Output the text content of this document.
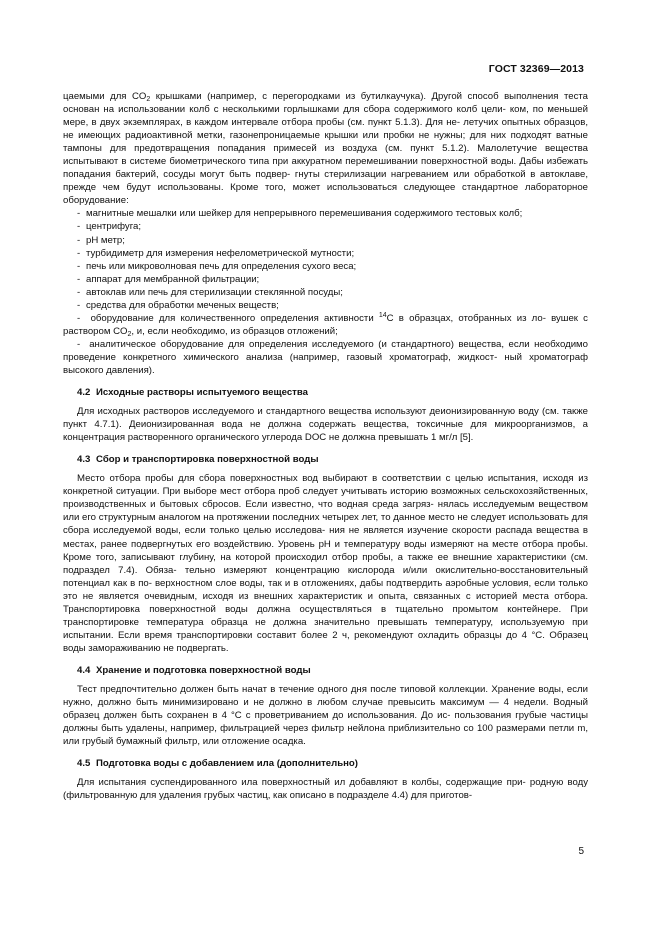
ГОСТ 32369—2013

цаемыми для $CO_2$ крышками (например, с перегородками из бутилкаучука). Другой способ выполнения теста основан на использовании колб с несколькими горлышками для сбора содержимого колб цели- ком, по меньшей мере, в двух экземплярах, в каждом интервале отбора пробы (см. пункт 5.1.3). Для не- летучих опытных образцов, не имеющих радиоактивной метки, газонепроницаемые крышки или пробки не нужны; для них подходят ватные тампоны для предотвращения попадания примесей из воздуха (см. пункт 5.1.2). Малолетучие вещества испытывают в системе биометрического типа при аккуратном перемешивании поверхностной воды. Дабы избежать попадания бактерий, сосуды могут быть подвер- гнуты стерилизации нагреванием или обработкой в автоклаве, прежде чем будут использованы. Кроме того, может использоваться следующее стандартное лабораторное оборудование:

- магнитные мешалки или шейкер для непрерывного перемешивания содержимого тестовых колб;
- центрифуга;
- pH метр;
- турбидиметр для измерения нефелометрической мутности;
- печь или микроволновая печь для определения сухого веса;
- аппарат для мембранной фильтрации;
- автоклав или печь для стерилизации стеклянной посуды;
- средства для обработки меченых веществ;

- оборудование для количественного определения активности $^{14}$C в образцах, отобранных из ло- вушек с раствором $CO_2$, и, если необходимо, из образцов отложений;

- аналитическое оборудование для определения исследуемого (и стандартного) вещества, если необходимо проведение конкретного химического анализа (например, газовый хроматограф, жидкост- ный хроматограф высокого давления).

4.2 Исходные растворы испытуемого вещества

Для исходных растворов исследуемого и стандартного вещества используют деионизированную воду (см. также пункт 4.7.1). Деионизированная вода не должна содержать вещества, токсичные для микроорганизмов, а концентрация растворенного органического углерода DOC не должна превышать 1 мг/л [5].

4.3 Сбор и транспортировка поверхностной воды

Место отбора пробы для сбора поверхностных вод выбирают в соответствии с целью испытания, исходя из конкретной ситуации. При выборе мест отбора проб следует учитывать историю возможных сельскохозяйственных, производственных и бытовых сбросов. Если известно, что водная среда загряз- нялась исследуемым веществом или его структурным аналогом на протяжении последних четырех лет, то данное место не следует использовать для сбора исследуемой воды, если только целью исследова- ния не является изучение скорости распада вещества в местах, ранее подвергнутых его воздействию. Уровень pH и температуру воды измеряют на месте отбора пробы. Кроме того, записывают глубину, на которой происходил отбор пробы, а также ее внешние характеристики (см. подраздел 7.4). Обяза- тельно измеряют концентрацию кислорода и/или окислительно-восстановительный потенциал как в по- верхностном слое воды, так и в отложениях, дабы подтвердить аэробные условия, если только это не является очевидным, исходя из внешних характеристик и опыта, связанных с историей места отбора. Транспортировка поверхностной воды должна осуществляться в тщательно промытом контейнере. При транспортировке температура образца не должна значительно превышать температуру, используемую при испытании. Если время транспортировки составит более 2 ч, рекомендуют охладить образцы до 4 °С. Образец воды замораживанию не подвергать.

4.4 Хранение и подготовка поверхностной воды

Тест предпочтительно должен быть начат в течение одного дня после типовой коллекции. Хранение воды, если нужно, должно быть минимизировано и не должно в любом случае превысить максимум — 4 недели. Водный образец должен быть сохранен в 4 °С с проветриванием до использования. До ис- пользования грубые частицы должны быть удалены, например, фильтрацией через фильтр нейлона приблизительно со 100 размерами петли m, или грубый бумажный фильтр, или отложение осадка.

4.5 Подготовка воды с добавлением ила (дополнительно)

Для испытания суспендированного ила поверхностный ил добавляют в колбы, содержащие при- родную воду (фильтрованную для удаления грубых частиц, как описано в подразделе 4.4) для приготов-

5
